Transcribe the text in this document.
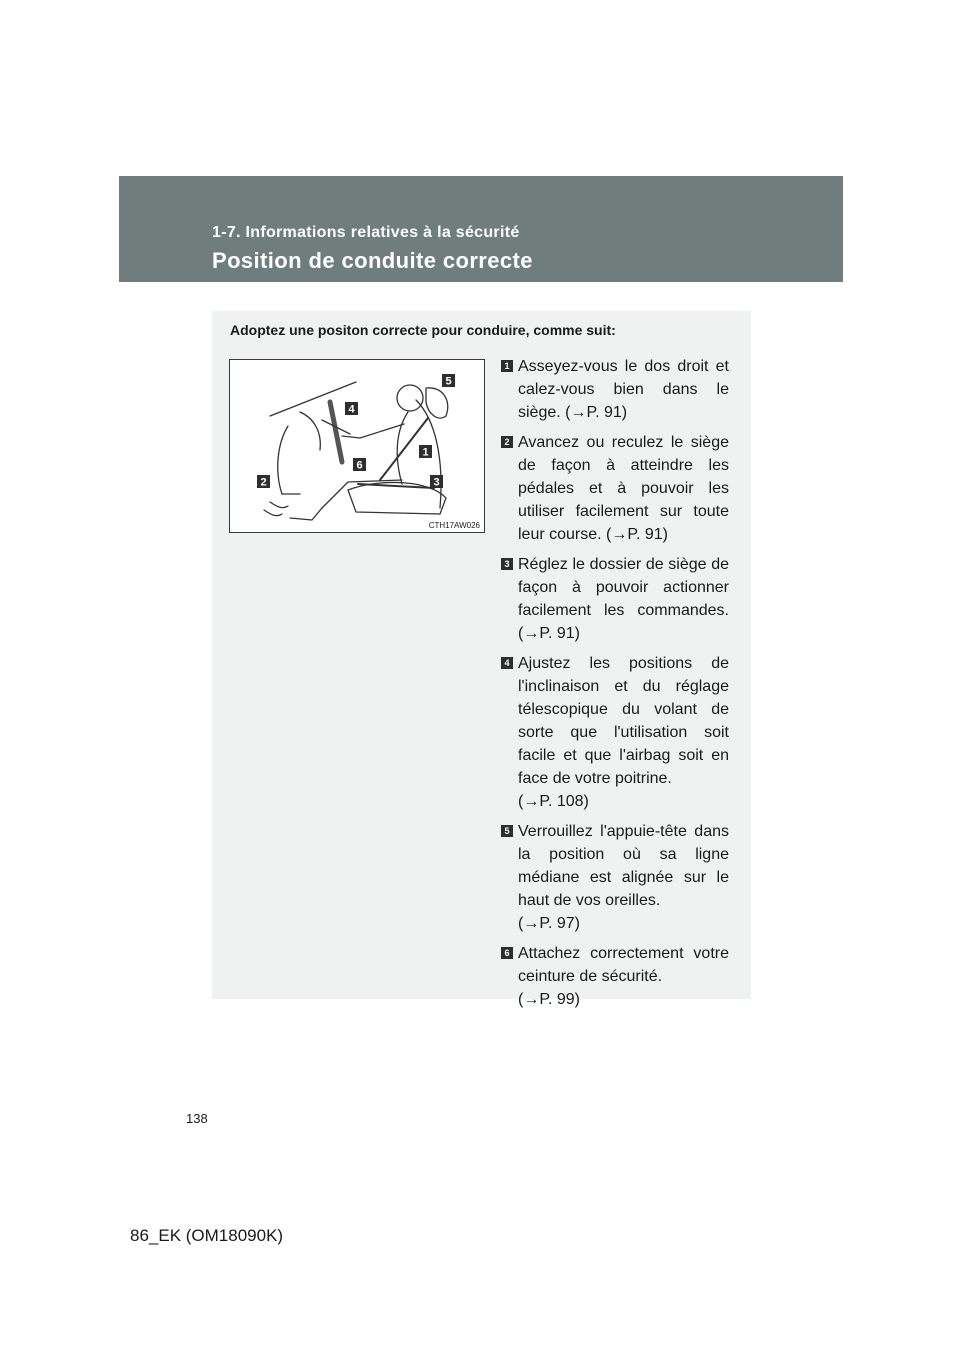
1-7. Informations relatives à la sécurité
Position de conduite correcte
Adoptez une positon correcte pour conduire, comme suit:
1
2	3
4
5
6
CTH17AW026
1 Asseyez-vous le dos droit et calez-vous bien dans le siège. (→P. 91)
2 Avancez ou reculez le siège de façon à atteindre les pédales et à pouvoir les utiliser facilement sur toute leur course. (→P. 91)
3 Réglez le dossier de siège de façon à pouvoir actionner facilement les commandes. (→P. 91)
4 Ajustez les positions de l'inclinaison et du réglage télescopique du volant de sorte que l'utilisation soit facile et que l'airbag soit en face de votre poitrine.
(→P. 108)
5 Verrouillez l'appuie-tête dans la position où sa ligne médiane est alignée sur le haut de vos oreilles.
(→P. 97)
6 Attachez correctement votre ceinture de sécurité.
(→P. 99)
138
86_EK (OM18090K)
